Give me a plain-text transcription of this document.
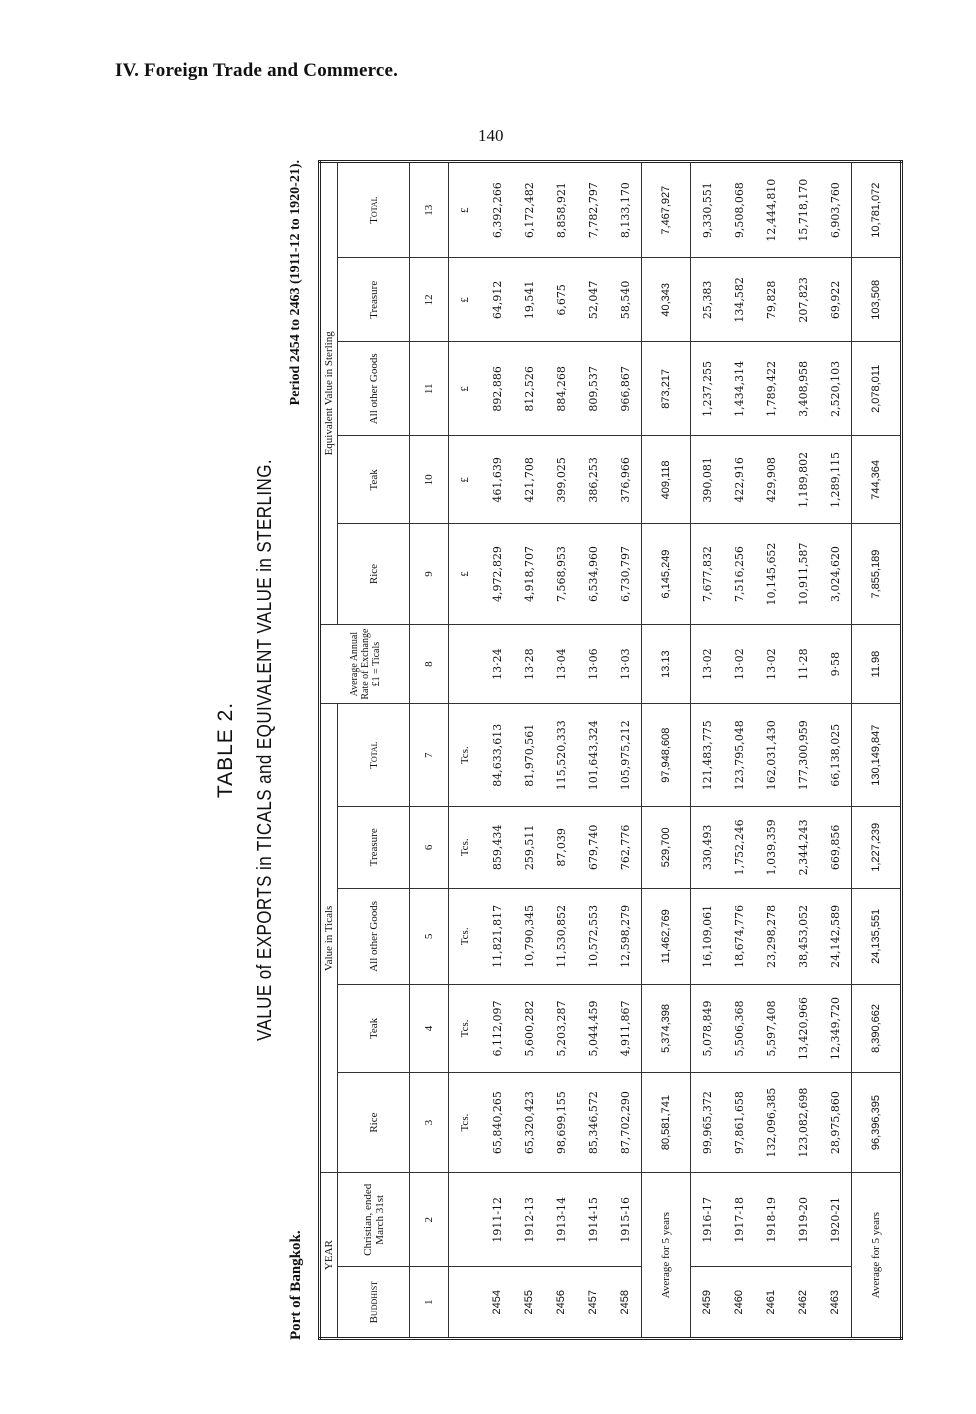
IV. Foreign Trade and Commerce.
140
TABLE 2. VALUE of EXPORTS in TICALS and EQUIVALENT VALUE in STERLING.
Port of Bangkok.
Period 2454 to 2463 (1911-12 to 1920-21).
YEAR		Value in Ticals					Average Annual Rate of Exchange £1 = Ticals	Equivalent Value in Sterling				
Buddhist	Christian, ended March 31st	Rice	Teak	All other Goods	Treasure	Total		Rice	Teak	All other Goods	Treasure	Total
1	2	3	4	5	6	7	8	9	10	11	12	13
		Tcs.	Tcs.	Tcs.	Tcs.	Tcs.		£	£	£	£	£
2454	1911-12	65,840,265	6,112,097	11,821,817	859,434	84,633,613	13·24	4,972,829	461,639	892,886	64,912	6,392,266
2455	1912-13	65,320,423	5,600,282	10,790,345	259,511	81,970,561	13·28	4,918,707	421,708	812,526	19,541	6,172,482
2456	1913-14	98,699,155	5,203,287	11,530,852	87,039	115,520,333	13·04	7,568,953	399,025	884,268	6,675	8,858,921
2457	1914-15	85,346,572	5,044,459	10,572,553	679,740	101,643,324	13·06	6,534,960	386,253	809,537	52,047	7,782,797
2458	1915-16	87,702,290	4,911,867	12,598,279	762,776	105,975,212	13·03	6,730,797	376,966	966,867	58,540	8,133,170
Average for 5 years		80,581,741	5,374,398	11,462,769	529,700	97,948,608	13.13	6,145,249	409,118	873,217	40,343	7,467,927
2459	1916-17	99,965,372	5,078,849	16,109,061	330,493	121,483,775	13·02	7,677,832	390,081	1,237,255	25,383	9,330,551
2460	1917-18	97,861,658	5,506,368	18,674,776	1,752,246	123,795,048	13·02	7,516,256	422,916	1,434,314	134,582	9,508,068
2461	1918-19	132,096,385	5,597,408	23,298,278	1,039,359	162,031,430	13·02	10,145,652	429,908	1,789,422	79,828	12,444,810
2462	1919-20	123,082,698	13,420,966	38,453,052	2,344,243	177,300,959	11·28	10,911,587	1,189,802	3,408,958	207,823	15,718,170
2463	1920-21	28,975,860	12,349,720	24,142,589	669,856	66,138,025	9·58	3,024,620	1,289,115	2,520,103	69,922	6,903,760
Average for 5 years		96,396,395	8,390,662	24,135,551	1,227,239	130,149,847	11.98	7,855,189	744,364	2,078,011	103,508	10,781,072
